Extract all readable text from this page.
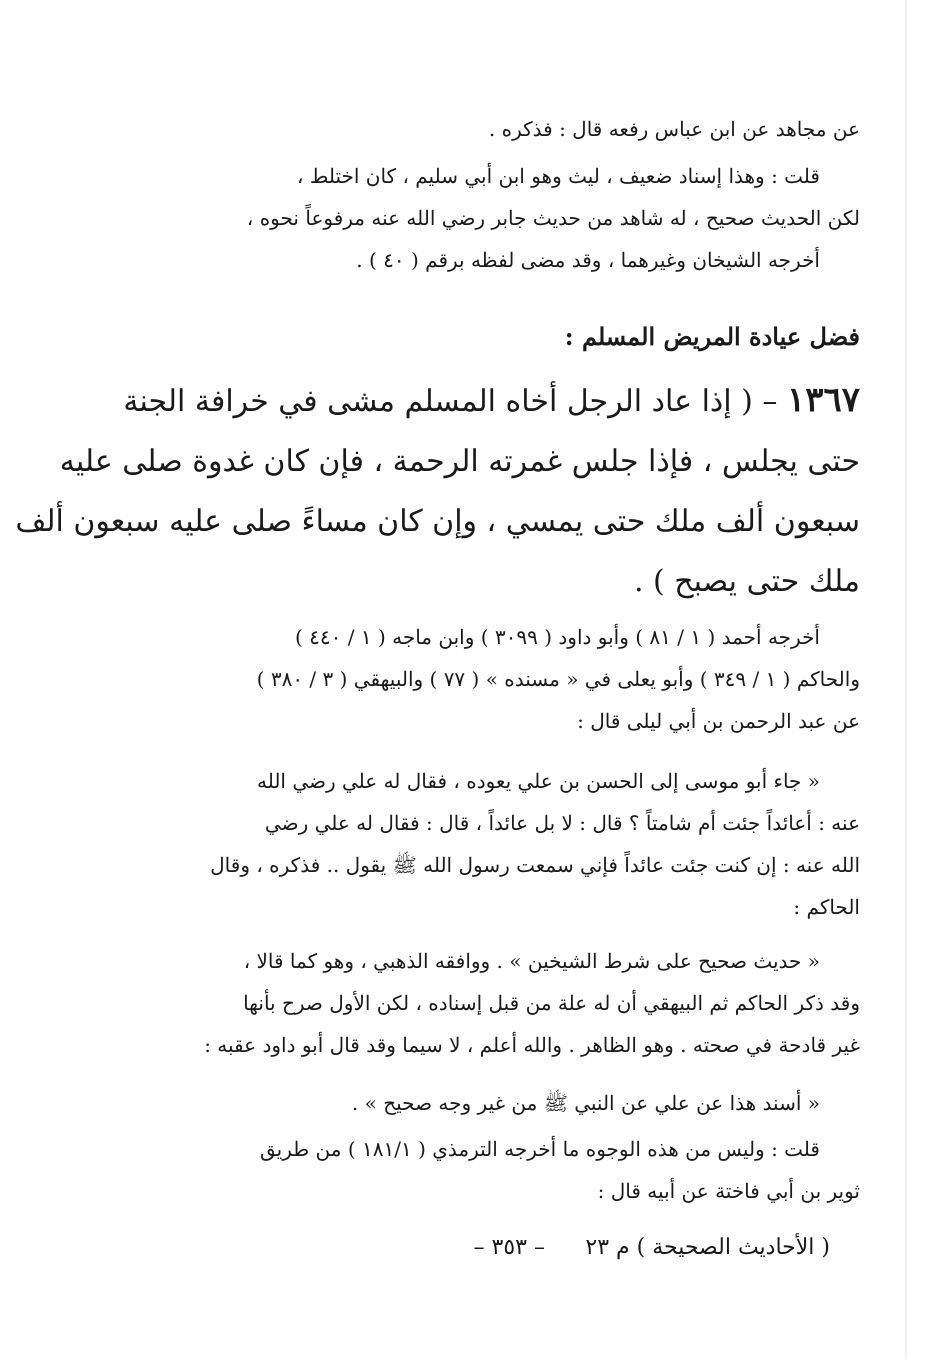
عن مجاهد عن ابن عباس رفعه قال : فذكره .
قلت : وهذا إسناد ضعيف ، ليث وهو ابن أبي سليم ، كان اختلط ،
لكن الحديث صحيح ، له شاهد من حديث جابر رضي الله عنه مرفوعاً نحوه ،
أخرجه الشيخان وغيرهما ، وقد مضى لفظه برقم ( ٤٠ ) .
فضل عيادة المريض المسلم :
١٣٦٧ – ( إذا عاد الرجل أخاه المسلم مشى في خرافة الجنة
حتى يجلس ، فإذا جلس غمرته الرحمة ، فإن كان غدوة صلى عليه
سبعون ألف ملك حتى يمسي ، وإن كان مساءً صلى عليه سبعون ألف
ملك حتى يصبح ) .
أخرجه أحمد ( ١ / ٨١ ) وأبو داود ( ٣٠٩٩ ) وابن ماجه ( ١ / ٤٤٠ )
والحاكم ( ١ / ٣٤٩ ) وأبو يعلى في « مسنده » ( ٧٧ ) والبيهقي ( ٣ / ٣٨٠ )
عن عبد الرحمن بن أبي ليلى قال :
« جاء أبو موسى إلى الحسن بن علي يعوده ، فقال له علي رضي الله
عنه : أعائداً جئت أم شامتاً ؟ قال : لا بل عائداً ، قال : فقال له علي رضي
الله عنه : إن كنت جئت عائداً فإني سمعت رسول الله ﷺ يقول .. فذكره ، وقال
الحاكم :
« حديث صحيح على شرط الشيخين » . ووافقه الذهبي ، وهو كما قالا ،
وقد ذكر الحاكم ثم البيهقي أن له علة من قبل إسناده ، لكن الأول صرح بأنها
غير قادحة في صحته . وهو الظاهر . والله أعلم ، لا سيما وقد قال أبو داود عقبه :
« أسند هذا عن علي عن النبي ﷺ من غير وجه صحيح » .
قلت : وليس من هذه الوجوه ما أخرجه الترمذي ( ١٨١/١ ) من طريق
ثوير بن أبي فاختة عن أبيه قال :
( الأحاديث الصحيحة ) م ٢٣
– ٣٥٣ –
